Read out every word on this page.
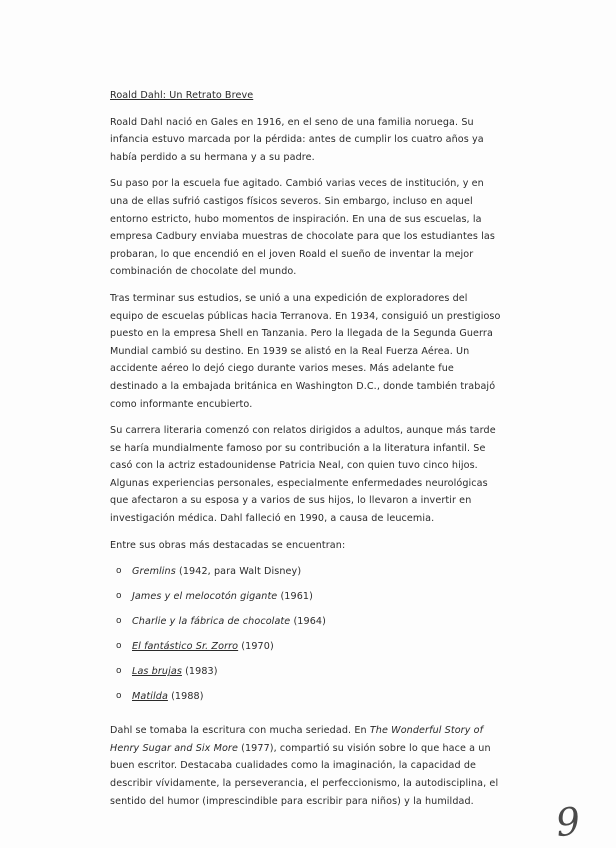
Roald Dahl: Un Retrato Breve

Roald Dahl nació en Gales en 1916, en el seno de una familia noruega. Su infancia estuvo marcada por la pérdida: antes de cumplir los cuatro años ya había perdido a su hermana y a su padre.

Su paso por la escuela fue agitado. Cambió varias veces de institución, y en una de ellas sufrió castigos físicos severos. Sin embargo, incluso en aquel entorno estricto, hubo momentos de inspiración. En una de sus escuelas, la empresa Cadbury enviaba muestras de chocolate para que los estudiantes las probaran, lo que encendió en el joven Roald el sueño de inventar la mejor combinación de chocolate del mundo.

Tras terminar sus estudios, se unió a una expedición de exploradores del equipo de escuelas públicas hacia Terranova. En 1934, consiguió un prestigioso puesto en la empresa Shell en Tanzania. Pero la llegada de la Segunda Guerra Mundial cambió su destino. En 1939 se alistó en la Real Fuerza Aérea. Un accidente aéreo lo dejó ciego durante varios meses. Más adelante fue destinado a la embajada británica en Washington D.C., donde también trabajó como informante encubierto.

Su carrera literaria comenzó con relatos dirigidos a adultos, aunque más tarde se haría mundialmente famoso por su contribución a la literatura infantil. Se casó con la actriz estadounidense Patricia Neal, con quien tuvo cinco hijos. Algunas experiencias personales, especialmente enfermedades neurológicas que afectaron a su esposa y a varios de sus hijos, lo llevaron a invertir en investigación médica. Dahl falleció en 1990, a causa de leucemia.

Entre sus obras más destacadas se encuentran:

o Gremlins (1942, para Walt Disney)
o James y el melocotón gigante (1961)
o Charlie y la fábrica de chocolate (1964)
o El fantástico Sr. Zorro (1970)
o Las brujas (1983)
o Matilda (1988)

Dahl se tomaba la escritura con mucha seriedad. En The Wonderful Story of Henry Sugar and Six More (1977), compartió su visión sobre lo que hace a un buen escritor. Destacaba cualidades como la imaginación, la capacidad de describir vívidamente, la perseverancia, el perfeccionismo, la autodisciplina, el sentido del humor (imprescindible para escribir para niños) y la humildad.	9
